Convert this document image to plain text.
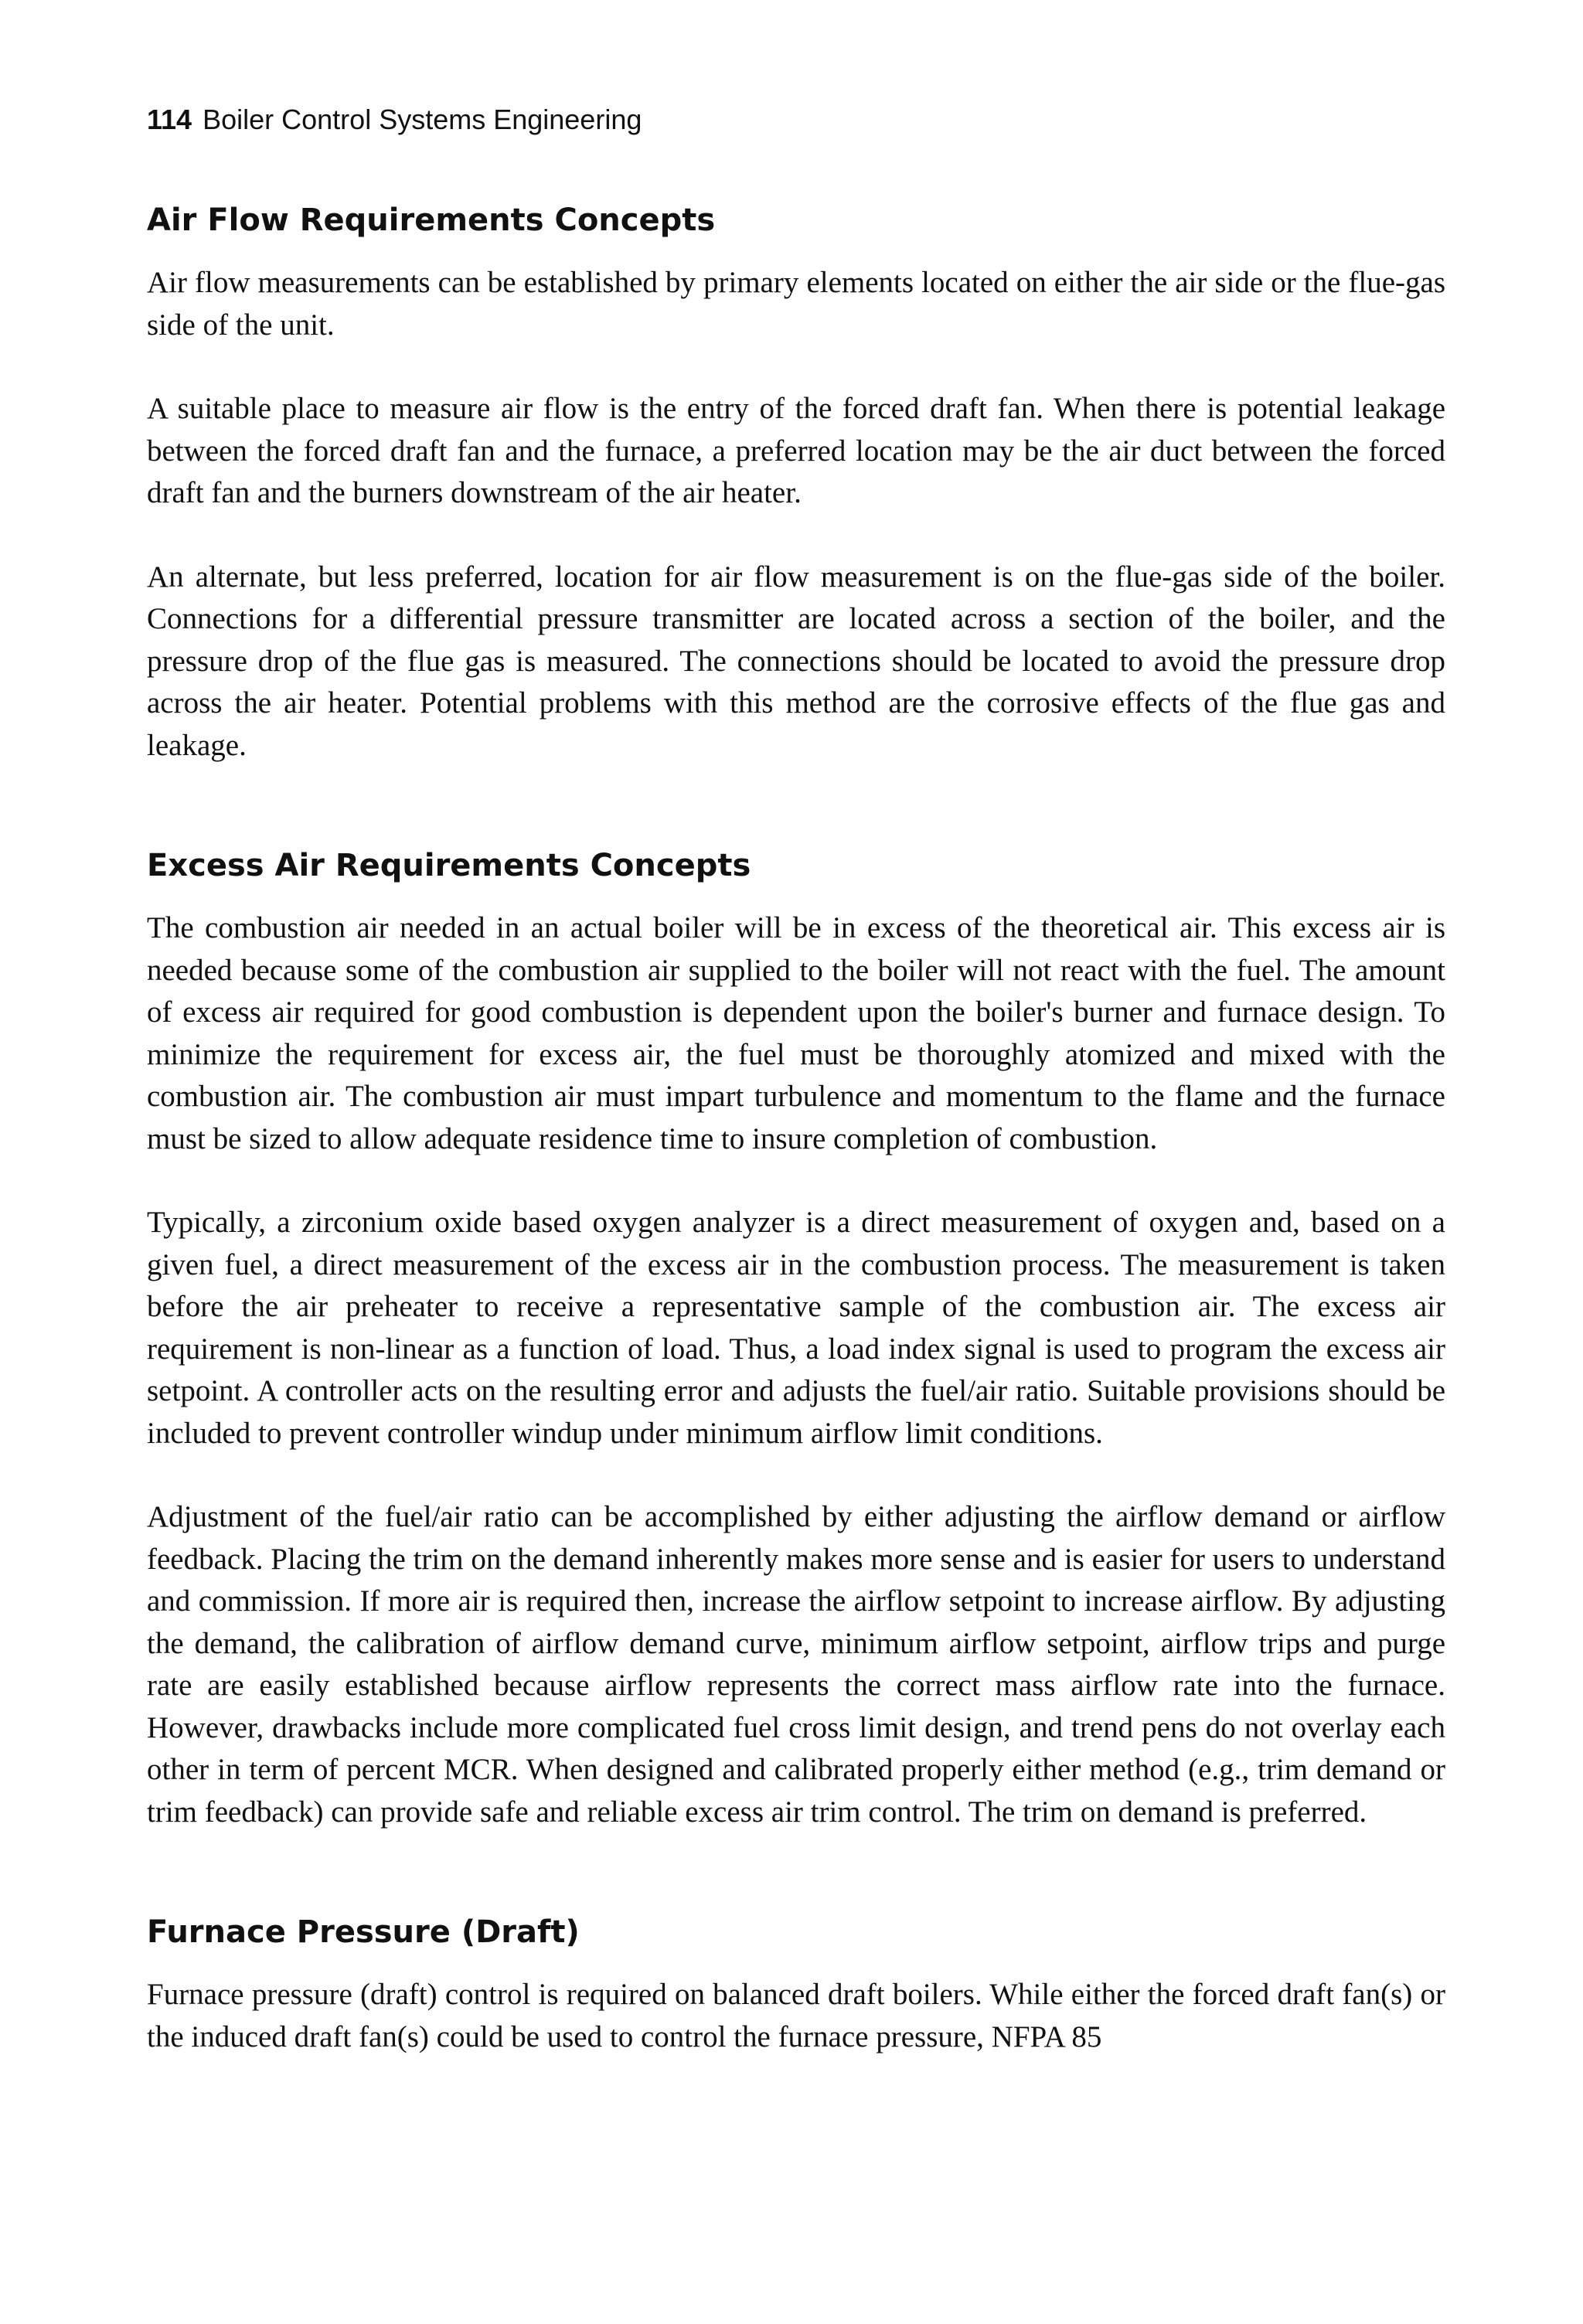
114 Boiler Control Systems Engineering
Air Flow Requirements Concepts

Air flow measurements can be established by primary elements located on either the air side or the flue-gas side of the unit.

A suitable place to measure air flow is the entry of the forced draft fan. When there is potential leakage between the forced draft fan and the furnace, a preferred location may be the air duct between the forced draft fan and the burners downstream of the air heater.

An alternate, but less preferred, location for air flow measurement is on the flue-gas side of the boiler. Connections for a differential pressure transmitter are located across a section of the boiler, and the pressure drop of the flue gas is measured. The connections should be located to avoid the pressure drop across the air heater. Potential problems with this method are the corrosive effects of the flue gas and leakage.

Excess Air Requirements Concepts

The combustion air needed in an actual boiler will be in excess of the theoretical air. This excess air is needed because some of the combustion air supplied to the boiler will not react with the fuel. The amount of excess air required for good combustion is dependent upon the boiler's burner and furnace design. To minimize the requirement for excess air, the fuel must be thoroughly atomized and mixed with the combustion air. The combustion air must impart turbulence and momentum to the flame and the furnace must be sized to allow adequate residence time to insure completion of combustion.

Typically, a zirconium oxide based oxygen analyzer is a direct measurement of oxygen and, based on a given fuel, a direct measurement of the excess air in the combustion process. The measurement is taken before the air preheater to receive a representative sample of the combustion air. The excess air requirement is non-linear as a function of load. Thus, a load index signal is used to program the excess air setpoint. A controller acts on the resulting error and adjusts the fuel/air ratio. Suitable provisions should be included to prevent controller windup under minimum airflow limit conditions.

Adjustment of the fuel/air ratio can be accomplished by either adjusting the airflow demand or airflow feedback. Placing the trim on the demand inherently makes more sense and is easier for users to understand and commission. If more air is required then, increase the airflow setpoint to increase airflow. By adjusting the demand, the calibration of airflow demand curve, minimum airflow setpoint, airflow trips and purge rate are easily established because airflow represents the correct mass airflow rate into the furnace. However, drawbacks include more complicated fuel cross limit design, and trend pens do not overlay each other in term of percent MCR. When designed and calibrated properly either method (e.g., trim demand or trim feedback) can provide safe and reliable excess air trim control. The trim on demand is preferred.

Furnace Pressure (Draft)

Furnace pressure (draft) control is required on balanced draft boilers. While either the forced draft fan(s) or the induced draft fan(s) could be used to control the furnace pressure, NFPA 85
